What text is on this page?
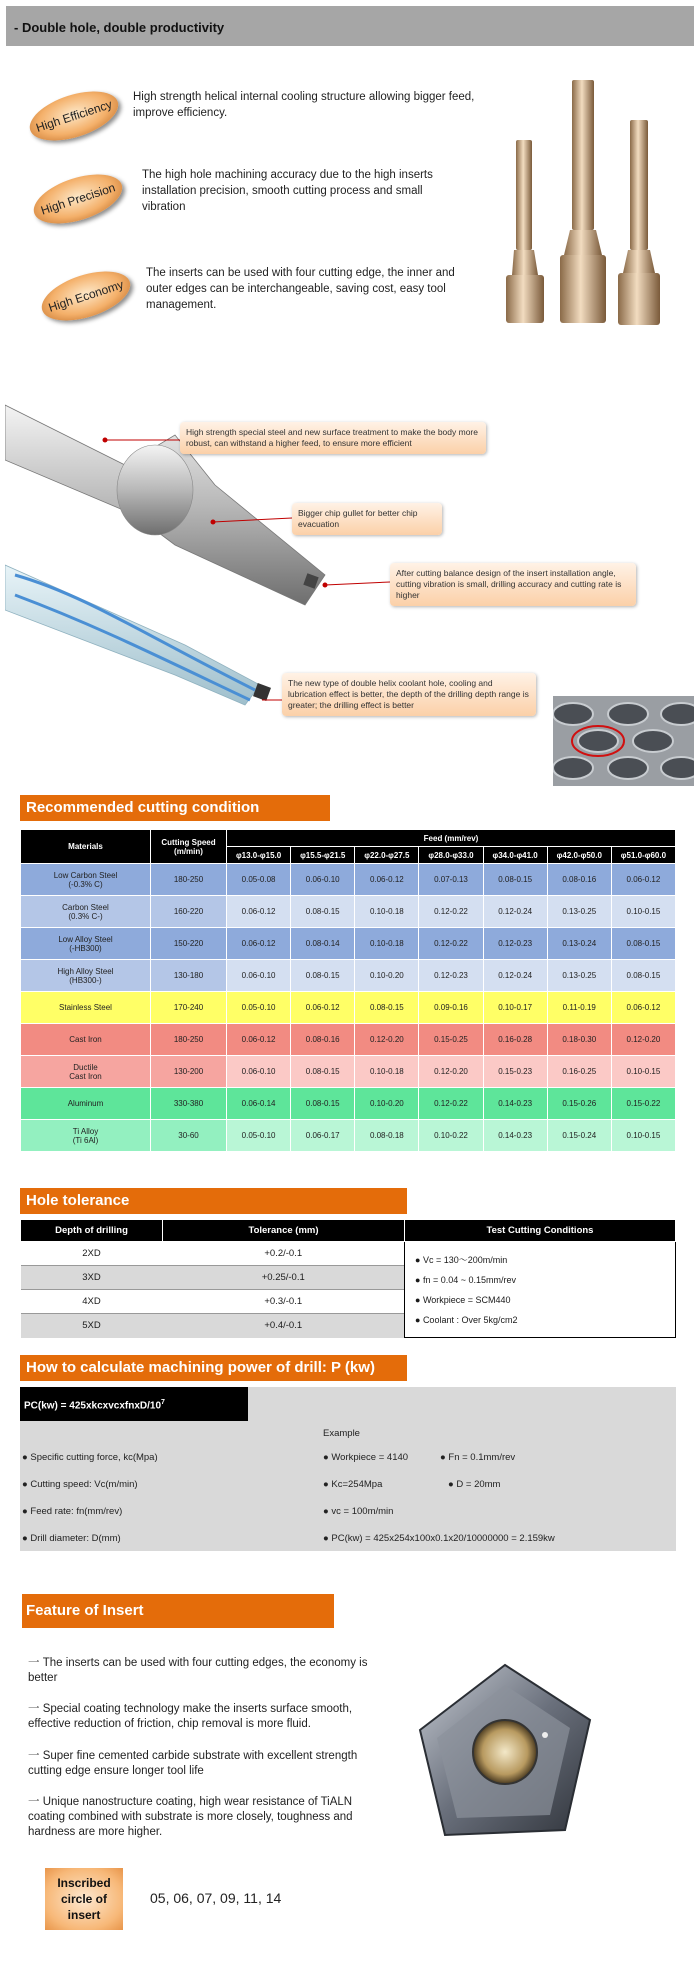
- Double hole, double productivity
High Efficiency
High strength helical internal cooling structure allowing bigger feed, improve efficiency.
High Precision
The high hole machining accuracy due to the high inserts installation precision, smooth cutting process and small vibration
High Economy
The inserts can be used with four cutting edge, the inner and outer edges can be interchangeable, saving cost, easy tool management.
High strength special steel and new surface treatment to make the body more robust, can withstand a higher feed, to ensure more efficient
Bigger chip gullet for better chip evacuation
After cutting balance design of the insert installation angle, cutting vibration is small, drilling accuracy and cutting rate is higher
The new type of double helix coolant hole, cooling and lubrication effect is better, the depth of the drilling depth range is greater; the drilling effect is better
Recommended cutting condition
Materials	Cutting Speed (m/min)	Feed (mm/rev)						
		φ13.0-φ15.0	φ15.5-φ21.5	φ22.0-φ27.5	φ28.0-φ33.0	φ34.0-φ41.0	φ42.0-φ50.0	φ51.0-φ60.0

Low Carbon Steel
(-0.3% C)	180-250	0.05-0.08	0.06-0.10	0.06-0.12	0.07-0.13	0.08-0.15	0.08-0.16	0.06-0.12

Carbon Steel
(0.3% C-)	160-220	0.06-0.12	0.08-0.15	0.10-0.18	0.12-0.22	0.12-0.24	0.13-0.25	0.10-0.15

Low Alloy Steel
(-HB300)	150-220	0.06-0.12	0.08-0.14	0.10-0.18	0.12-0.22	0.12-0.23	0.13-0.24	0.08-0.15

High Alloy Steel
(HB300-)	130-180	0.06-0.10	0.08-0.15	0.10-0.20	0.12-0.23	0.12-0.24	0.13-0.25	0.08-0.15

Stainless Steel	170-240	0.05-0.10	0.06-0.12	0.08-0.15	0.09-0.16	0.10-0.17	0.11-0.19	0.06-0.12

Cast Iron	180-250	0.06-0.12	0.08-0.16	0.12-0.20	0.15-0.25	0.16-0.28	0.18-0.30	0.12-0.20

Ductile
Cast Iron	130-200	0.06-0.10	0.08-0.15	0.10-0.18	0.12-0.20	0.15-0.23	0.16-0.25	0.10-0.15

Aluminum	330-380	0.06-0.14	0.08-0.15	0.10-0.20	0.12-0.22	0.14-0.23	0.15-0.26	0.15-0.22

Ti Alloy
(Ti 6Al)	30-60	0.05-0.10	0.06-0.17	0.08-0.18	0.10-0.22	0.14-0.23	0.15-0.24	0.10-0.15
Hole tolerance
Depth of drilling	Tolerance (mm)	Test Cutting Conditions
2XD	+0.2/-0.1	● Vc = 130～200m/min
● fn = 0.04 ~ 0.15mm/rev
● Workpiece = SCM440
● Coolant : Over 5kg/cm2

3XD	+0.25/-0.1	
4XD	+0.3/-0.1	
5XD	+0.4/-0.1	
How to calculate machining power of drill: P (kw)
$PC(kw) = 425xkcxvcxfnxD/10^7$
Example
● Specific cutting force, kc(Mpa)
● Cutting speed: Vc(m/min)
● Feed rate: fn(mm/rev)
● Drill diameter: D(mm)
● Workpiece = 4140	● Fn = 0.1mm/rev
● Kc=254Mpa	● D = 20mm
● vc = 100m/min
● PC(kw) = 425x254x100x0.1x20/10000000 = 2.159kw
Feature of Insert
一 The inserts can be used with four cutting edges, the economy is better
一 Special coating technology make the inserts surface smooth, effective reduction of friction, chip removal is more fluid.
一 Super fine cemented carbide substrate with excellent strength cutting edge ensure longer tool life
一 Unique nanostructure coating, high wear resistance of TiALN coating combined with substrate is more closely, toughness and hardness are more higher.
Inscribed circle of insert
05, 06, 07, 09, 11, 14
